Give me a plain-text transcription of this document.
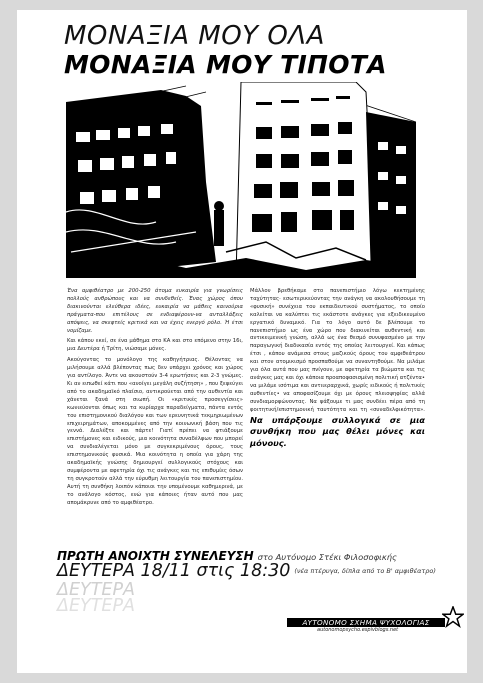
ΜΟΝΑΞΙΑ ΜΟΥ ΟΛΑ
ΜΟΝΑΞΙΑ ΜΟΥ ΤΙΠΟΤΑ

Ένα αμφιθέατρο με 200-250 άτομα ευκαιρία για γνωρίσεις πολλούς ανθρώπους και να συνδεθείς. Ένας χώρος όπου διακινούνται ελεύθερα ιδέες, ευκαιρία να μάθεις καινούρια πράγματα-που επιτέλους σε ενδιαφέρουν-να ανταλλάξεις απόψεις, να σκεφτείς κριτικά και να έχεις ενεργό ρόλο. Ή έτσι νομίζαμε.

Και κάπου εκεί, σε ένα μάθημα στο ΚΑ και στο επόμενο στην 16ι, μια Δευτέρα ή Τρίτη, νιώσαμε μόνες.

Ακούγοντας το μονόλογο της καθηγήτριας. Θέλοντας να μιλήσουμε αλλά βλέποντας πως δεν υπάρχει χρόνος και χώρος για αντίλογο. Άντε να ακουστούν 3-4 ερωτήσεις και 2-3 γνώμες. Κι αν ειπωθεί κάτι που «ανοίγει μεγάλη συζήτηση» , που ξεφεύγει από το ακαδημαϊκό πλαίσιο, αντικρούεται από την αυθεντία και χάνεται ξανά στη σιωπή. Οι «κριτικές προσεγγίσεις» κωνιεύονται όπως και τα κυρίαρχα παραδείγματα, πάντα εντός του επιστημονικού διαλόγου και των ερευνητικά τεκμηριωμένων επιχειρημάτων, αποκομμένες από την κοινωνική βάση που τις γεννά. Διαλέξτε και πάρτε! Γιατί πρέπει να φτιάξουμε επιστήμονες και ειδικούς, μια κοινότητα συναδέλφων που μπορεί να συνδιαλέγεται μόνο με συγκεκριμένους όρους, τους επιστημονικούς φυσικά. Μια κοινότητα η οποία για χάρη της ακαδημαϊκής γνώσης δημιουργεί συλλογικούς στόχους και συμφέροντα με αφετηρία όχι τις ανάγκες και τις επιθυμίες όσων τη συγκροτούν αλλά την εύρυθμη λειτουργία του πανεπιστημίου. Αυτή τη συνθήκη λοιπόν κάποιοι την υπομένουμε καθημερινά, με το ανάλογο κόστος, ενώ για κάποιες ήταν αυτό που μας απομάκρυνε από το αμφιθέατρο.

Μάλλον βρεθήκαμε στο πανεπιστήμιο λόγω κεκτημένης ταχύτητας· εσωτερικεύοντας την ανάγκη να ακολουθήσουμε τη «φυσική» συνέχεια του εκπαιδευτικού συστήματος, το οποίο καλείται να καλύπτει τις εκάστοτε ανάγκες για εξειδικευμένο εργατικό δυναμικό. Για το λόγο αυτό δε βλέπουμε το πανεπιστήμιο ως ένα χώρο που διακινείται αυθεντική και αντικειμενική γνώση, αλλά ως ένα θεσμό συνυφασμένο με την παραγωγική διαδικασία εντός της οποίας λειτουργεί. Και κάπως έτσι , κάπου ανάμεσα στους μαζικούς όρους του αμφιθεάτρου και στον ατομικισμό προσπαθούμε να συναντηθούμε. Να μιλάμε για όλα αυτά που μας πνίγουν, με αφετηρία τα βιώματα και τις ανάγκες μας και όχι κάποια προαποφασισμένη πολιτική ατζέντα• να μιλάμε ισότιμα και αντιιεραρχικά, χωρίς ειδικούς ή πολιτικές αυθεντίες• να αποφασίζουμε όχι με όρους πλειοψηφίας αλλά συνδιαμορφώνοντας. Να ψάξουμε τι μας συνδέει πέρα από τη φοιτητική/επιστημονική ταυτότητα και τη «συναδελφικότητα». Να υπάρξουμε συλλογικά σε μια συνθήκη που μας θέλει μόνες και μόνους.
ΠΡΩΤΗ ΑΝΟΙΧΤΗ ΣΥΝΕΛΕΥΣΗ στο Αυτόνομο Στέκι Φιλοσοφικής
ΔΕΥΤΕΡΑ 18/11 στις 18:30 $^{(\nu έ\alpha \pi\tau έ\rho\upsilon\gamma\alpha, \delta ί\pi\lambda\alpha \alpha\pi ό \tau o B' \alpha\mu\varphi\iota\theta έ\alpha\tau\rho o)}$
ΔΕΥΤΕΡΑ
ΔΕΥΤΕΡΑ
ΑΥΤΟΝΟΜΟ ΣΧΗΜΑ ΨΥΧΟΛΟΓΙΑΣ
autonomopsycho.espivblogs.net
